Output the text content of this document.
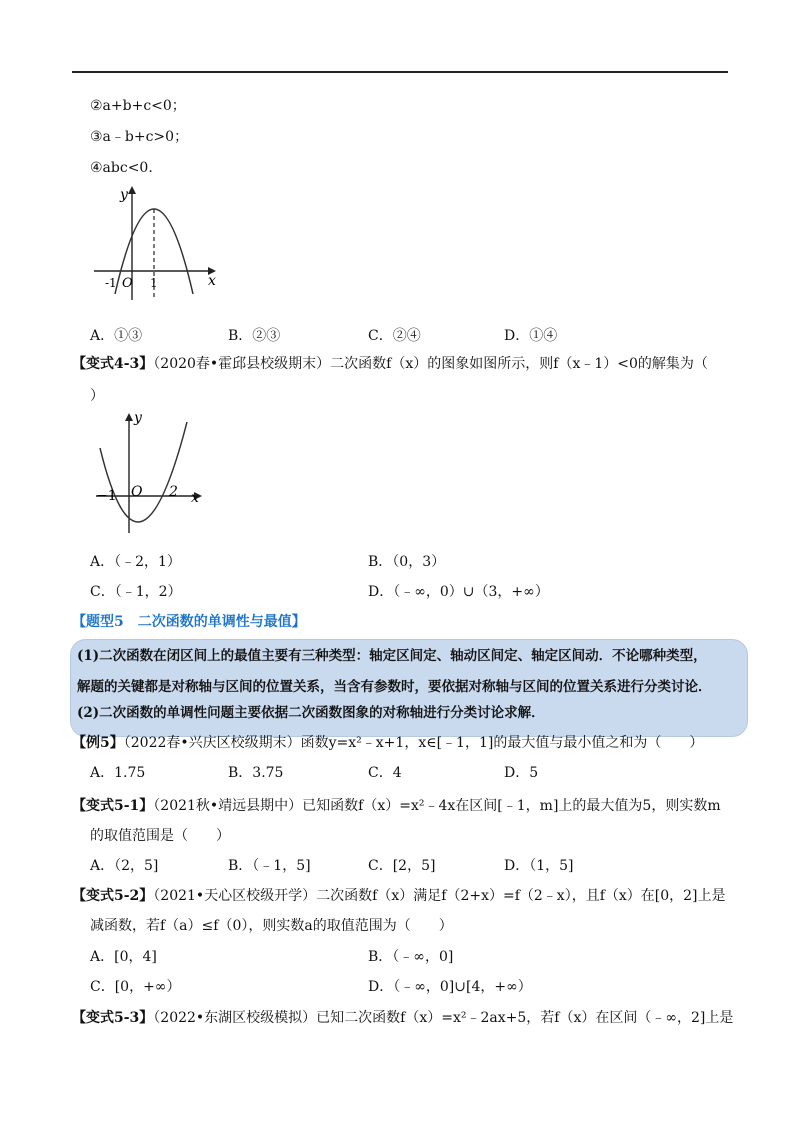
②a+b+c<0；
③a﹣b+c>0；
④abc<0.
y
x
-1 O 1
A．①③	B．②③	C．②④	D．①④
【变式4-3】（2020春•霍邱县校级期末）二次函数f（x）的图象如图所示，则f（x﹣1）<0的解集为（
）
y
x
−1 O 2
A．（﹣2，1）	B．（0，3）
C．（﹣1，2）	D．（﹣∞，0）∪（3，+∞）
【题型5　二次函数的单调性与最值】
(1)二次函数在闭区间上的最值主要有三种类型：轴定区间定、轴动区间定、轴定区间动．不论哪种类型，
解题的关键都是对称轴与区间的位置关系，当含有参数时，要依据对称轴与区间的位置关系进行分类讨论．
(2)二次函数的单调性问题主要依据二次函数图象的对称轴进行分类讨论求解．
【例5】（2022春•兴庆区校级期末）函数y=x²﹣x+1，x∈[﹣1，1]的最大值与最小值之和为（　　）
A．1.75	B．3.75	C．4	D．5
【变式5-1】（2021秋•靖远县期中）已知函数f（x）=x²﹣4x在区间[﹣1，m]上的最大值为5，则实数m
的取值范围是（　　）
A．（2，5]	B．（﹣1，5]	C．[2，5]	D．（1，5]
【变式5-2】（2021•天心区校级开学）二次函数f（x）满足f（2+x）=f（2﹣x），且f（x）在[0，2]上是
减函数，若f（a）≤f（0），则实数a的取值范围为（　　）
A．[0，4]	B．（﹣∞，0]
C．[0，+∞）	D．（﹣∞，0]∪[4，+∞）
【变式5-3】（2022•东湖区校级模拟）已知二次函数f（x）=x²﹣2ax+5，若f（x）在区间（﹣∞，2]上是
